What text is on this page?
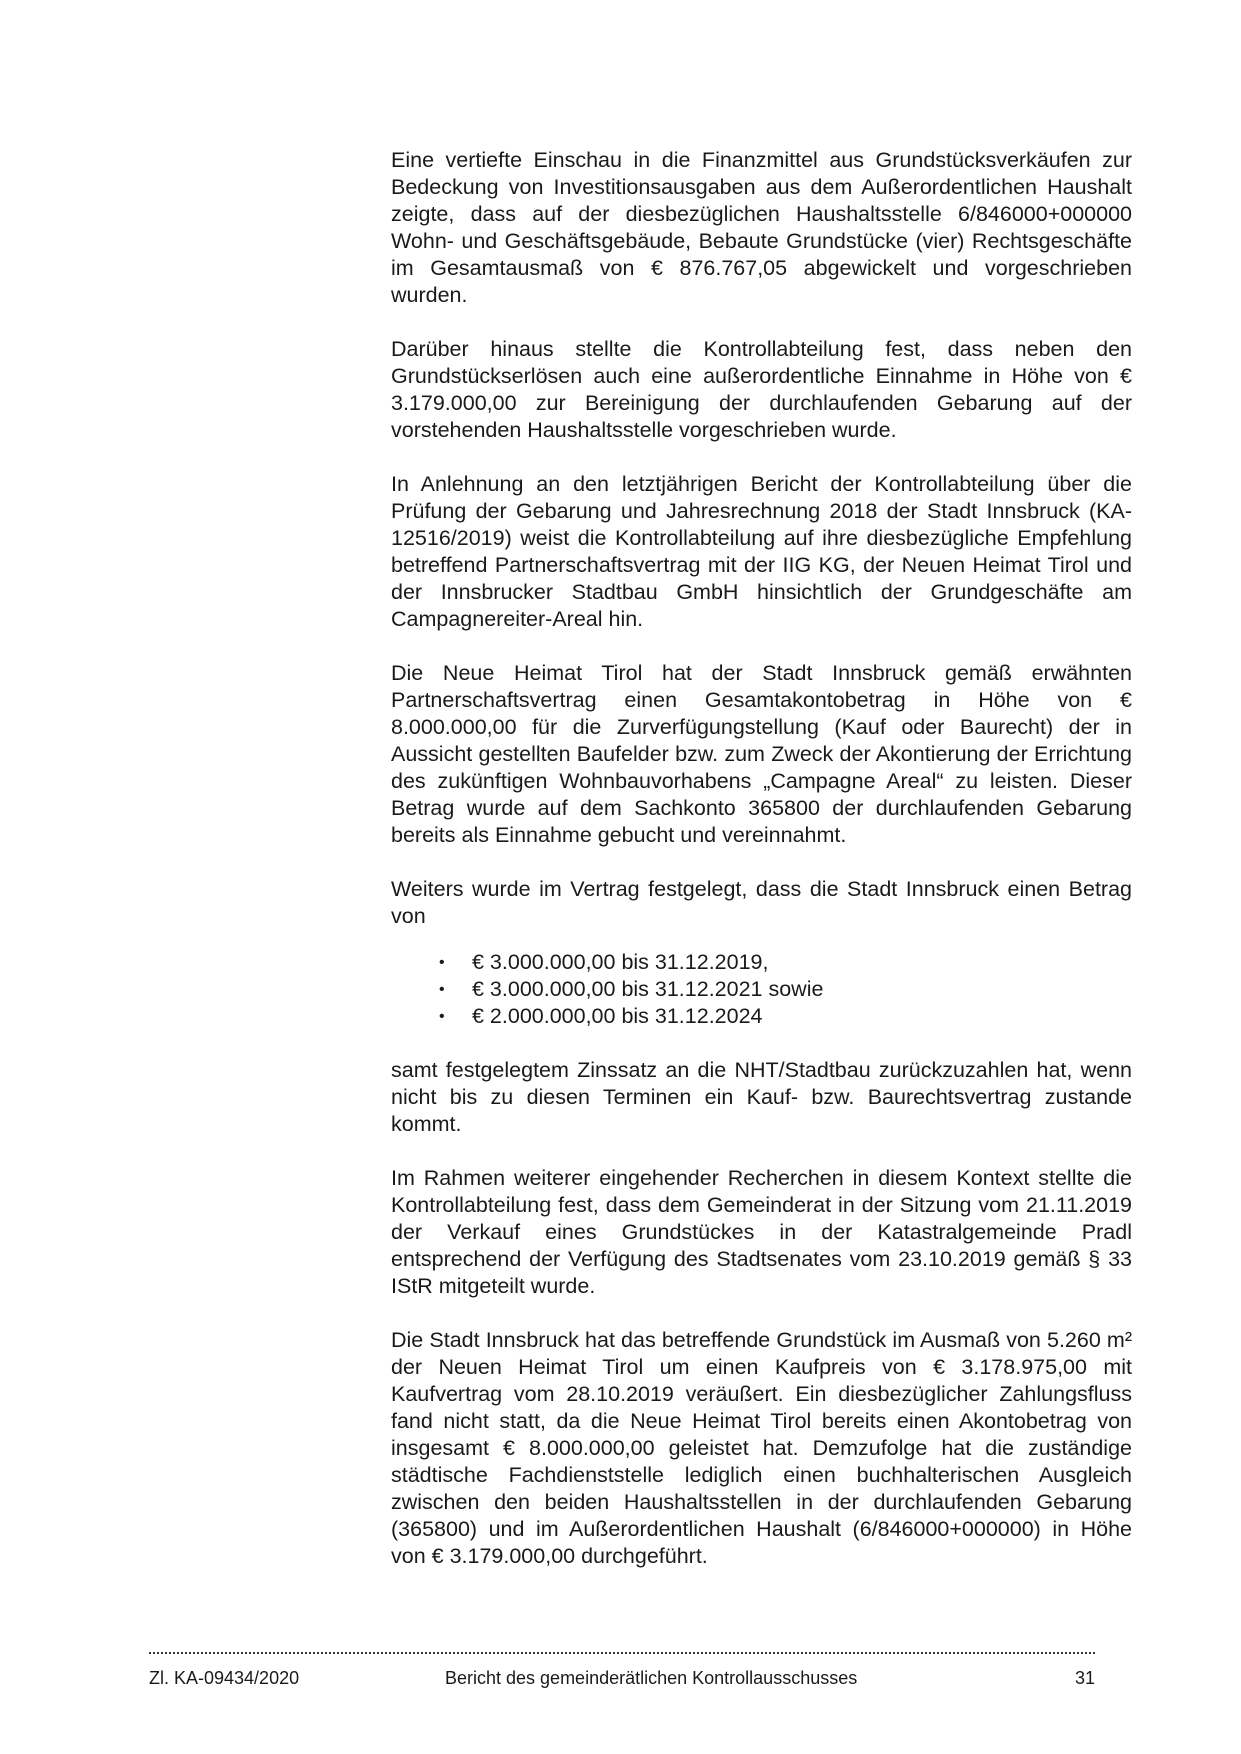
Eine vertiefte Einschau in die Finanzmittel aus Grundstücksverkäufen zur Bedeckung von Investitionsausgaben aus dem Außerordentlichen Haushalt zeigte, dass auf der diesbezüglichen Haushaltsstelle 6/846000+000000 Wohn- und Geschäftsgebäude, Bebaute Grundstücke (vier) Rechtsgeschäfte im Gesamtausmaß von € 876.767,05 abgewickelt und vorgeschrieben wurden.

Darüber hinaus stellte die Kontrollabteilung fest, dass neben den Grundstückserlösen auch eine außerordentliche Einnahme in Höhe von € 3.179.000,00 zur Bereinigung der durchlaufenden Gebarung auf der vorstehenden Haushaltsstelle vorgeschrieben wurde.

In Anlehnung an den letztjährigen Bericht der Kontrollabteilung über die Prüfung der Gebarung und Jahresrechnung 2018 der Stadt Innsbruck (KA-12516/2019) weist die Kontrollabteilung auf ihre diesbezügliche Empfehlung betreffend Partnerschaftsvertrag mit der IIG KG, der Neuen Heimat Tirol und der Innsbrucker Stadtbau GmbH hinsichtlich der Grundgeschäfte am Campagnereiter-Areal hin.

Die Neue Heimat Tirol hat der Stadt Innsbruck gemäß erwähnten Partnerschaftsvertrag einen Gesamtakontobetrag in Höhe von € 8.000.000,00 für die Zurverfügungstellung (Kauf oder Baurecht) der in Aussicht gestellten Baufelder bzw. zum Zweck der Akontierung der Errichtung des zukünftigen Wohnbauvorhabens „Campagne Areal“ zu leisten. Dieser Betrag wurde auf dem Sachkonto 365800 der durchlaufenden Gebarung bereits als Einnahme gebucht und vereinnahmt.

Weiters wurde im Vertrag festgelegt, dass die Stadt Innsbruck einen Betrag von

• € 3.000.000,00 bis 31.12.2019,
• € 3.000.000,00 bis 31.12.2021 sowie
• € 2.000.000,00 bis 31.12.2024

samt festgelegtem Zinssatz an die NHT/Stadtbau zurückzuzahlen hat, wenn nicht bis zu diesen Terminen ein Kauf- bzw. Baurechtsvertrag zustande kommt.

Im Rahmen weiterer eingehender Recherchen in diesem Kontext stellte die Kontrollabteilung fest, dass dem Gemeinderat in der Sitzung vom 21.11.2019 der Verkauf eines Grundstückes in der Katastralgemeinde Pradl entsprechend der Verfügung des Stadtsenates vom 23.10.2019 gemäß § 33 IStR mitgeteilt wurde.

Die Stadt Innsbruck hat das betreffende Grundstück im Ausmaß von 5.260 m² der Neuen Heimat Tirol um einen Kaufpreis von € 3.178.975,00 mit Kaufvertrag vom 28.10.2019 veräußert. Ein diesbezüglicher Zahlungsfluss fand nicht statt, da die Neue Heimat Tirol bereits einen Akontobetrag von insgesamt € 8.000.000,00 geleistet hat. Demzufolge hat die zuständige städtische Fachdienststelle lediglich einen buchhalterischen Ausgleich zwischen den beiden Haushaltsstellen in der durchlaufenden Gebarung (365800) und im Außerordentlichen Haushalt (6/846000+000000) in Höhe von € 3.179.000,00 durchgeführt.

Zl. KA-09434/2020	Bericht des gemeinderätlichen Kontrollausschusses	31
